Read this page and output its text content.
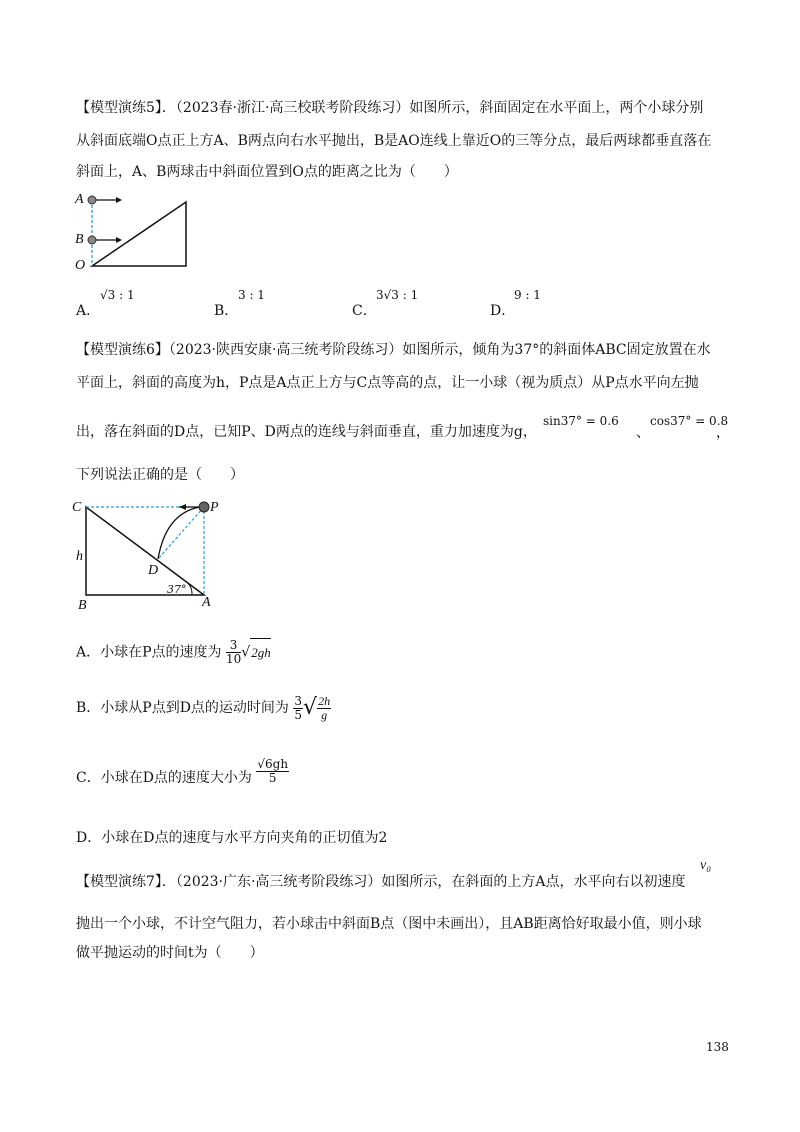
【模型演练5】．（2023春·浙江·高三校联考阶段练习）如图所示，斜面固定在水平面上，两个小球分别
从斜面底端O点正上方A、B两点向右水平抛出，B是AO连线上靠近O的三等分点，最后两球都垂直落在
斜面上，A、B两球击中斜面位置到O点的距离之比为（　　）
A
B
O
A．
√3 : 1
B．
3 : 1
C．
3√3 : 1
D．
9 : 1
【模型演练6】（2023·陕西安康·高三统考阶段练习）如图所示，倾角为37°的斜面体ABC固定放置在水
平面上，斜面的高度为h，P点是A点正上方与C点等高的点，让一小球（视为质点）从P点水平向左抛
出，落在斜面的D点，已知P、D两点的连线与斜面垂直，重力加速度为g，
sin37° = 0.6
、
cos37° = 0.8
，
下列说法正确的是（　　）
C	P
h
D
37°
B	A
A．小球在P点的速度为 $\frac{3}{10} √2gh$
B．小球从P点到D点的运动时间为 $\frac{3}{5}$ √ $\frac{2h}{g}$
C．小球在D点的速度大小为 $\frac{√6gh}{5}$
D．小球在D点的速度与水平方向夹角的正切值为2
【模型演练7】．（2023·广东·高三统考阶段练习）如图所示，在斜面的上方A点，水平向右以初速度
v₀
抛出一个小球，不计空气阻力，若小球击中斜面B点（图中未画出），且AB距离恰好取最小值，则小球
做平抛运动的时间t为（　　）
138
